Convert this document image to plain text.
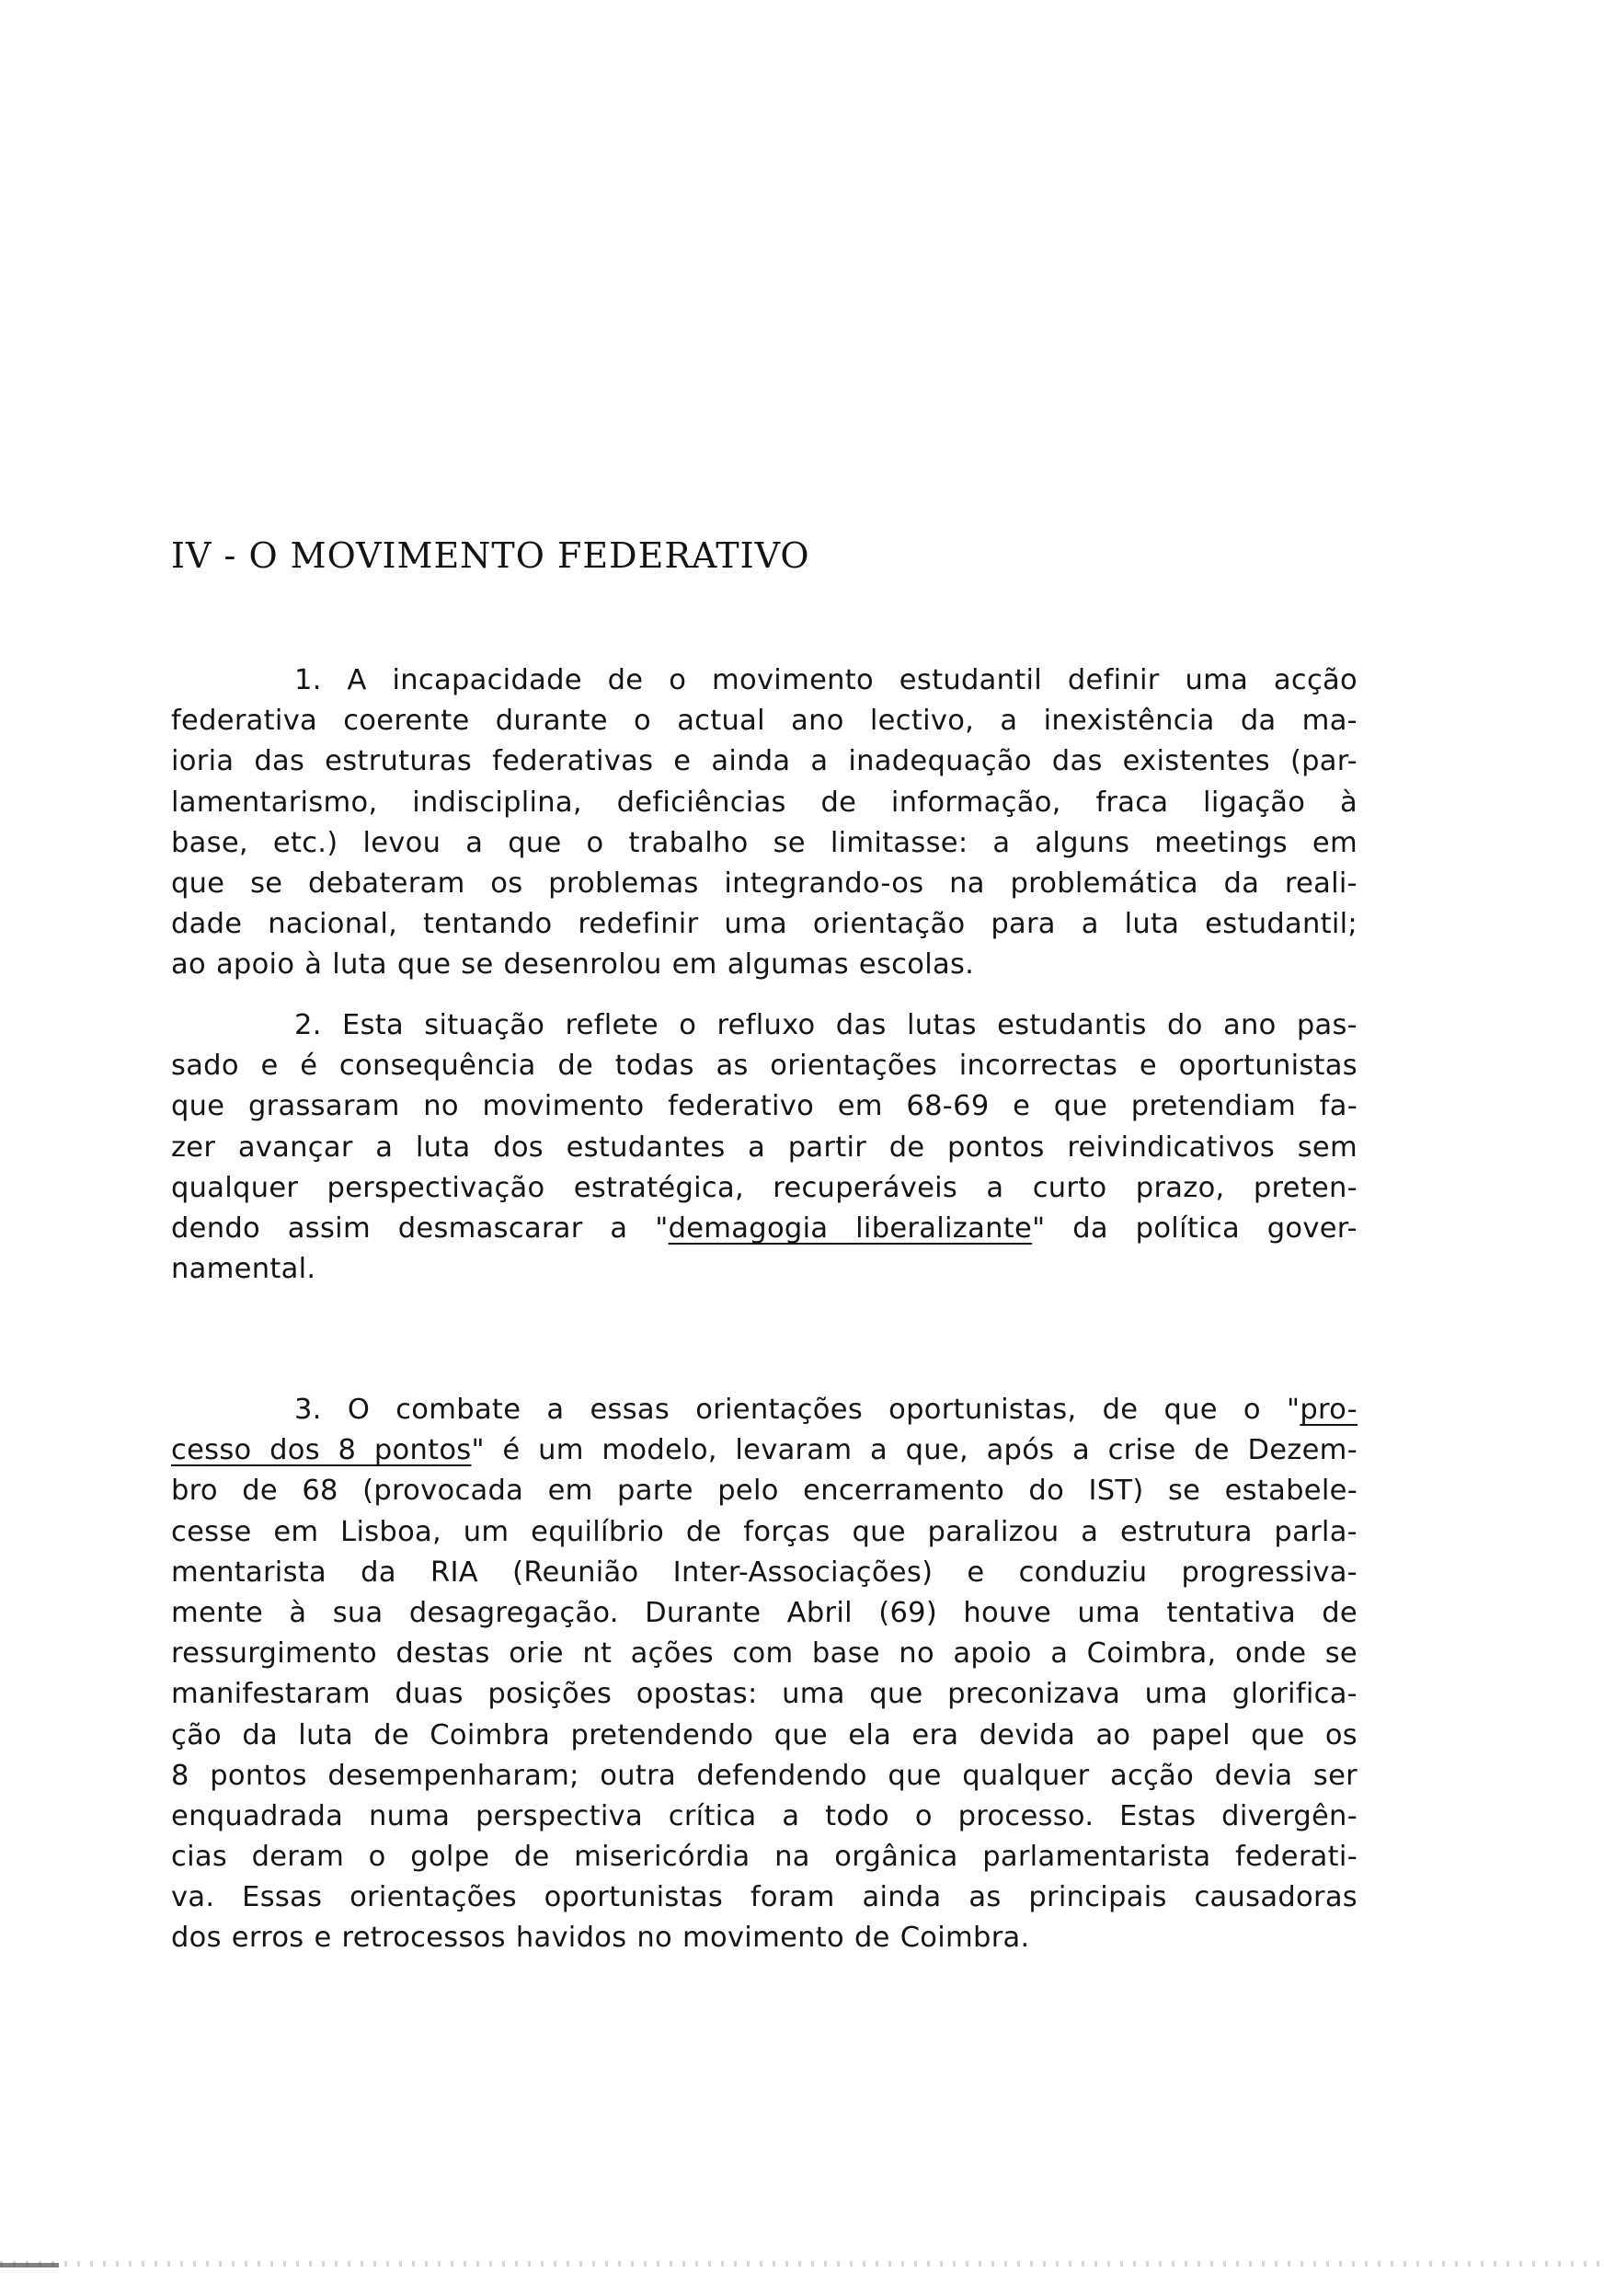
IV - O MOVIMENTO FEDERATIVO
1. A incapacidade de o movimento estudantil definir uma acção
federativa coerente durante o actual ano lectivo, a inexistência da ma-
ioria das estruturas federativas e ainda a inadequação das existentes (par-
lamentarismo, indisciplina, deficiências de informação, fraca ligação à
base, etc.) levou a que o trabalho se limitasse: a alguns meetings em
que se debateram os problemas integrando-os na problemática da reali-
dade nacional, tentando redefinir uma orientação para a luta estudantil;
ao apoio à luta que se desenrolou em algumas escolas.
2. Esta situação reflete o refluxo das lutas estudantis do ano pas-
sado e é consequência de todas as orientações incorrectas e oportunistas
que grassaram no movimento federativo em 68-69 e que pretendiam fa-
zer avançar a luta dos estudantes a partir de pontos reivindicativos sem
qualquer perspectivação estratégica, recuperáveis a curto prazo, preten-
dendo assim desmascarar a "demagogia liberalizante" da política gover-
namental.
3. O combate a essas orientações oportunistas, de que o "pro-
cesso dos 8 pontos" é um modelo, levaram a que, após a crise de Dezem-
bro de 68 (provocada em parte pelo encerramento do IST) se estabele-
cesse em Lisboa, um equilíbrio de forças que paralizou a estrutura parla-
mentarista da RIA (Reunião Inter-Associações) e conduziu progressiva-
mente à sua desagregação. Durante Abril (69) houve uma tentativa de
ressurgimento destas orie nt ações com base no apoio a Coimbra, onde se
manifestaram duas posições opostas: uma que preconizava uma glorifica-
ção da luta de Coimbra pretendendo que ela era devida ao papel que os
8 pontos desempenharam; outra defendendo que qualquer acção devia ser
enquadrada numa perspectiva crítica a todo o processo. Estas divergên-
cias deram o golpe de misericórdia na orgânica parlamentarista federati-
va. Essas orientações oportunistas foram ainda as principais causadoras
dos erros e retrocessos havidos no movimento de Coimbra.
